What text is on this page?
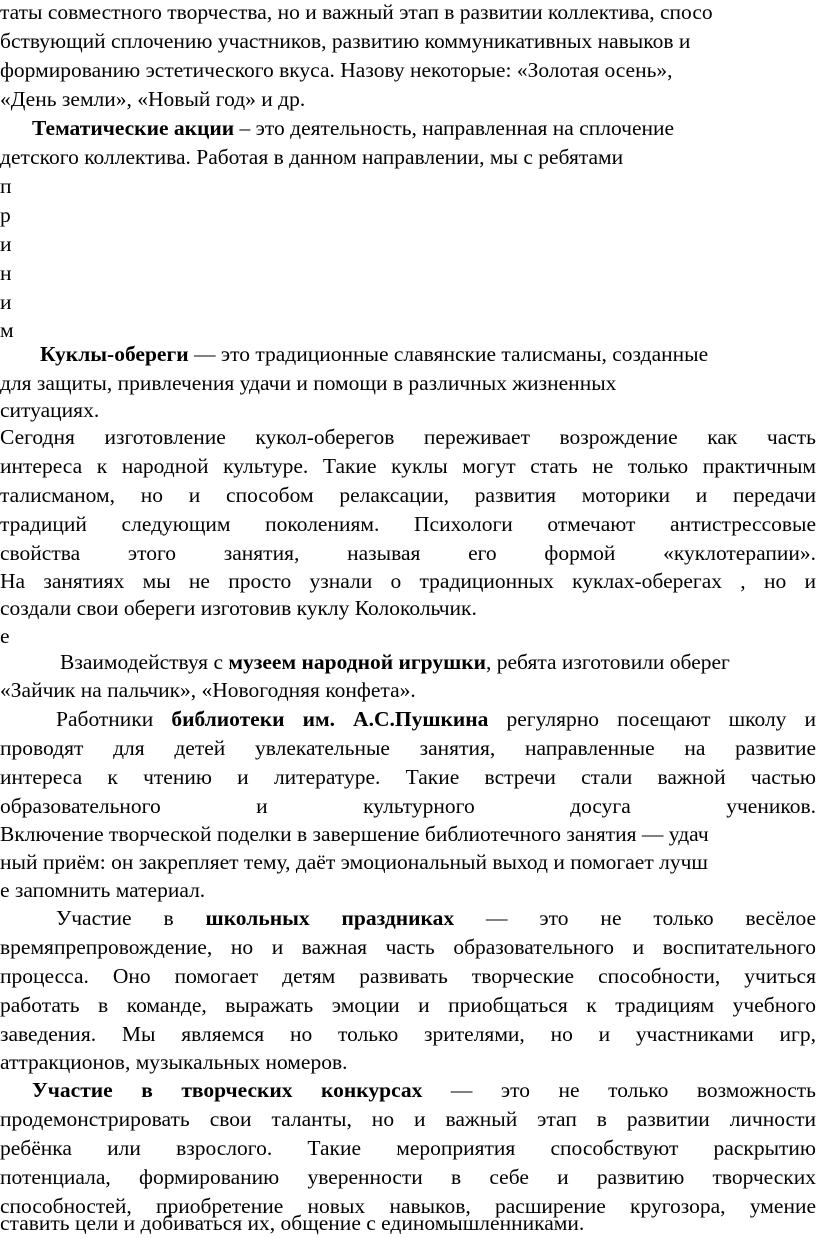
таты совместного творчества, но и важный этап в развитии коллектива, спосо
бствующий сплочению участников, развитию коммуникативных навыков и
формированию эстетического вкуса. Назову некоторые: «Золотая осень»,
«День земли», «Новый год» и др.
Тематические акции – это деятельность, направленная на сплочение
детского коллектива. Работая в данном направлении, мы с ребятами
п
р
и
н
и
м
Куклы-обереги — это традиционные славянские талисманы, созданные
для защиты, привлечения удачи и помощи в различных жизненных
ситуациях.
Сегодня изготовление кукол-оберегов переживает возрождение как часть
интереса к народной культуре. Такие куклы могут стать не только практичным
талисманом, но и способом релаксации, развития моторики и передачи
традиций следующим поколениям. Психологи отмечают антистрессовые
свойства этого занятия, называя его формой «куклотерапии».
На занятиях мы не просто узнали о традиционных куклах-оберегах , но и
создали свои обереги изготовив куклу Колокольчик.
е
Взаимодействуя с музеем народной игрушки, ребята изготовили оберег
«Зайчик на пальчик», «Новогодняя конфета».
Работники библиотеки им. А.С.Пушкина регулярно посещают школу и
проводят для детей увлекательные занятия, направленные на развитие
интереса к чтению и литературе. Такие встречи стали важной частью
образовательного и культурного досуга учеников.
Включение творческой поделки в завершение библиотечного занятия — удач
ный приём: он закрепляет тему, даёт эмоциональный выход и помогает лучш
е запомнить материал.
Участие в школьных праздниках — это не только весёлое
времяпрепровождение, но и важная часть образовательного и воспитательного
процесса. Оно помогает детям развивать творческие способности, учиться
работать в команде, выражать эмоции и приобщаться к традициям учебного
заведения. Мы являемся но только зрителями, но и участниками игр,
аттракционов, музыкальных номеров.
Участие в творческих конкурсах — это не только возможность
продемонстрировать свои таланты, но и важный этап в развитии личности
ребёнка или взрослого. Такие мероприятия способствуют раскрытию
потенциала, формированию уверенности в себе и развитию творческих
способностей, приобретение новых навыков, расширение кругозора, умение
ставить цели и добиваться их, общение с единомышленниками.
